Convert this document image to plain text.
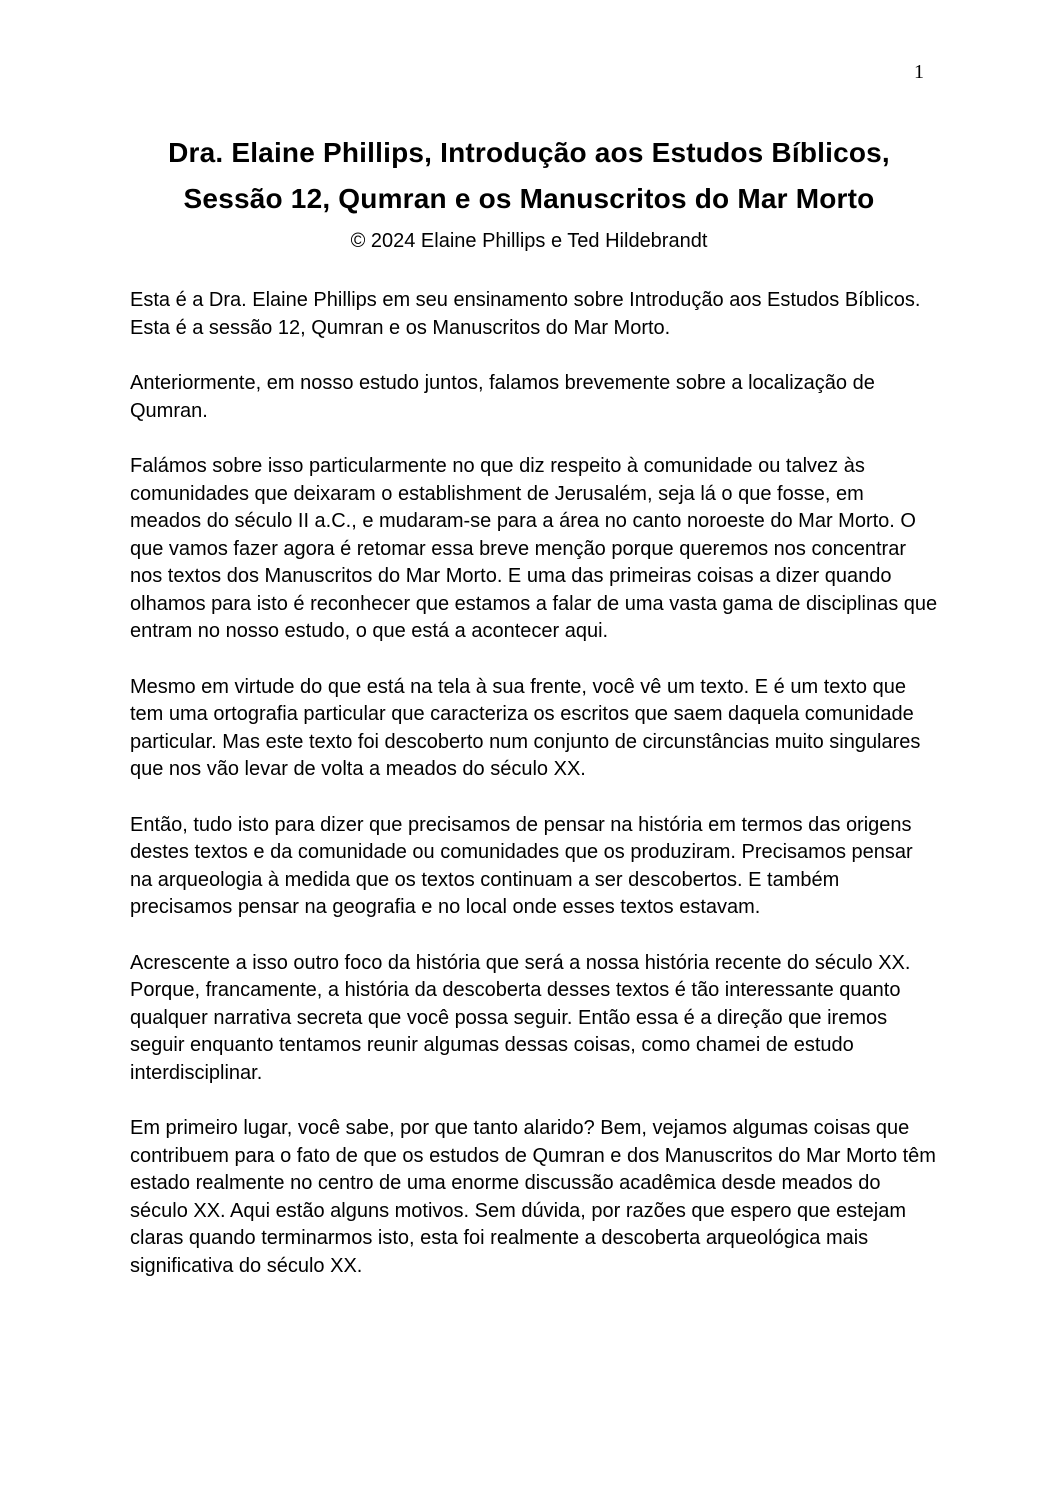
1
Dra. Elaine Phillips, Introdução aos Estudos Bíblicos,
Sessão 12, Qumran e os Manuscritos do Mar Morto
© 2024 Elaine Phillips e Ted Hildebrandt

Esta é a Dra. Elaine Phillips em seu ensinamento sobre Introdução aos Estudos Bíblicos. Esta é a sessão 12, Qumran e os Manuscritos do Mar Morto.

Anteriormente, em nosso estudo juntos, falamos brevemente sobre a localização de Qumran.

Falámos sobre isso particularmente no que diz respeito à comunidade ou talvez às comunidades que deixaram o establishment de Jerusalém, seja lá o que fosse, em meados do século II a.C., e mudaram-se para a área no canto noroeste do Mar Morto. O que vamos fazer agora é retomar essa breve menção porque queremos nos concentrar nos textos dos Manuscritos do Mar Morto. E uma das primeiras coisas a dizer quando olhamos para isto é reconhecer que estamos a falar de uma vasta gama de disciplinas que entram no nosso estudo, o que está a acontecer aqui.

Mesmo em virtude do que está na tela à sua frente, você vê um texto. E é um texto que tem uma ortografia particular que caracteriza os escritos que saem daquela comunidade particular. Mas este texto foi descoberto num conjunto de circunstâncias muito singulares que nos vão levar de volta a meados do século XX.

Então, tudo isto para dizer que precisamos de pensar na história em termos das origens destes textos e da comunidade ou comunidades que os produziram. Precisamos pensar na arqueologia à medida que os textos continuam a ser descobertos. E também precisamos pensar na geografia e no local onde esses textos estavam.

Acrescente a isso outro foco da história que será a nossa história recente do século XX. Porque, francamente, a história da descoberta desses textos é tão interessante quanto qualquer narrativa secreta que você possa seguir. Então essa é a direção que iremos seguir enquanto tentamos reunir algumas dessas coisas, como chamei de estudo interdisciplinar.

Em primeiro lugar, você sabe, por que tanto alarido? Bem, vejamos algumas coisas que contribuem para o fato de que os estudos de Qumran e dos Manuscritos do Mar Morto têm estado realmente no centro de uma enorme discussão acadêmica desde meados do século XX. Aqui estão alguns motivos. Sem dúvida, por razões que espero que estejam claras quando terminarmos isto, esta foi realmente a descoberta arqueológica mais significativa do século XX.
